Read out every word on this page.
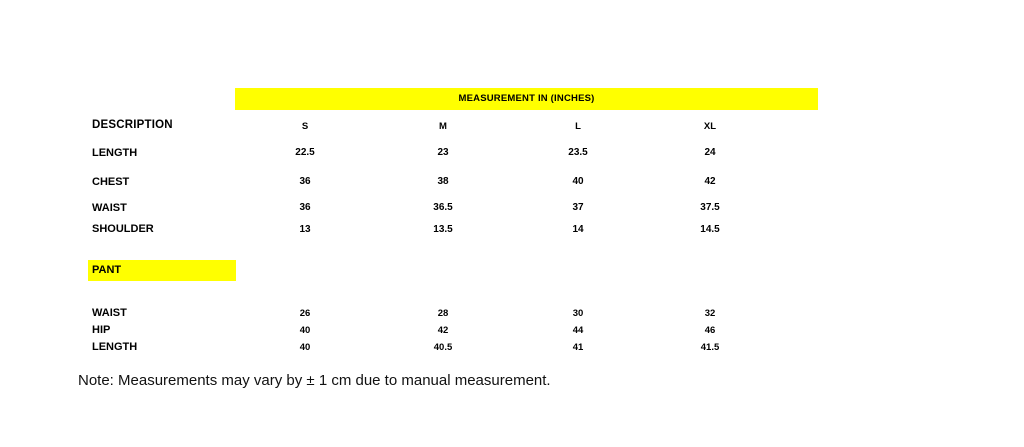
MEASUREMENT IN (INCHES)
DESCRIPTION	S	M	L	XL
LENGTH	22.5	23	23.5	24
CHEST	36	38	40	42
WAIST	36	36.5	37	37.5
SHOULDER	13	13.5	14	14.5
PANT
WAIST	26	28	30	32
HIP	40	42	44	46
LENGTH	40	40.5	41	41.5
Note: Measurements may vary by ± 1 cm due to manual measurement.
